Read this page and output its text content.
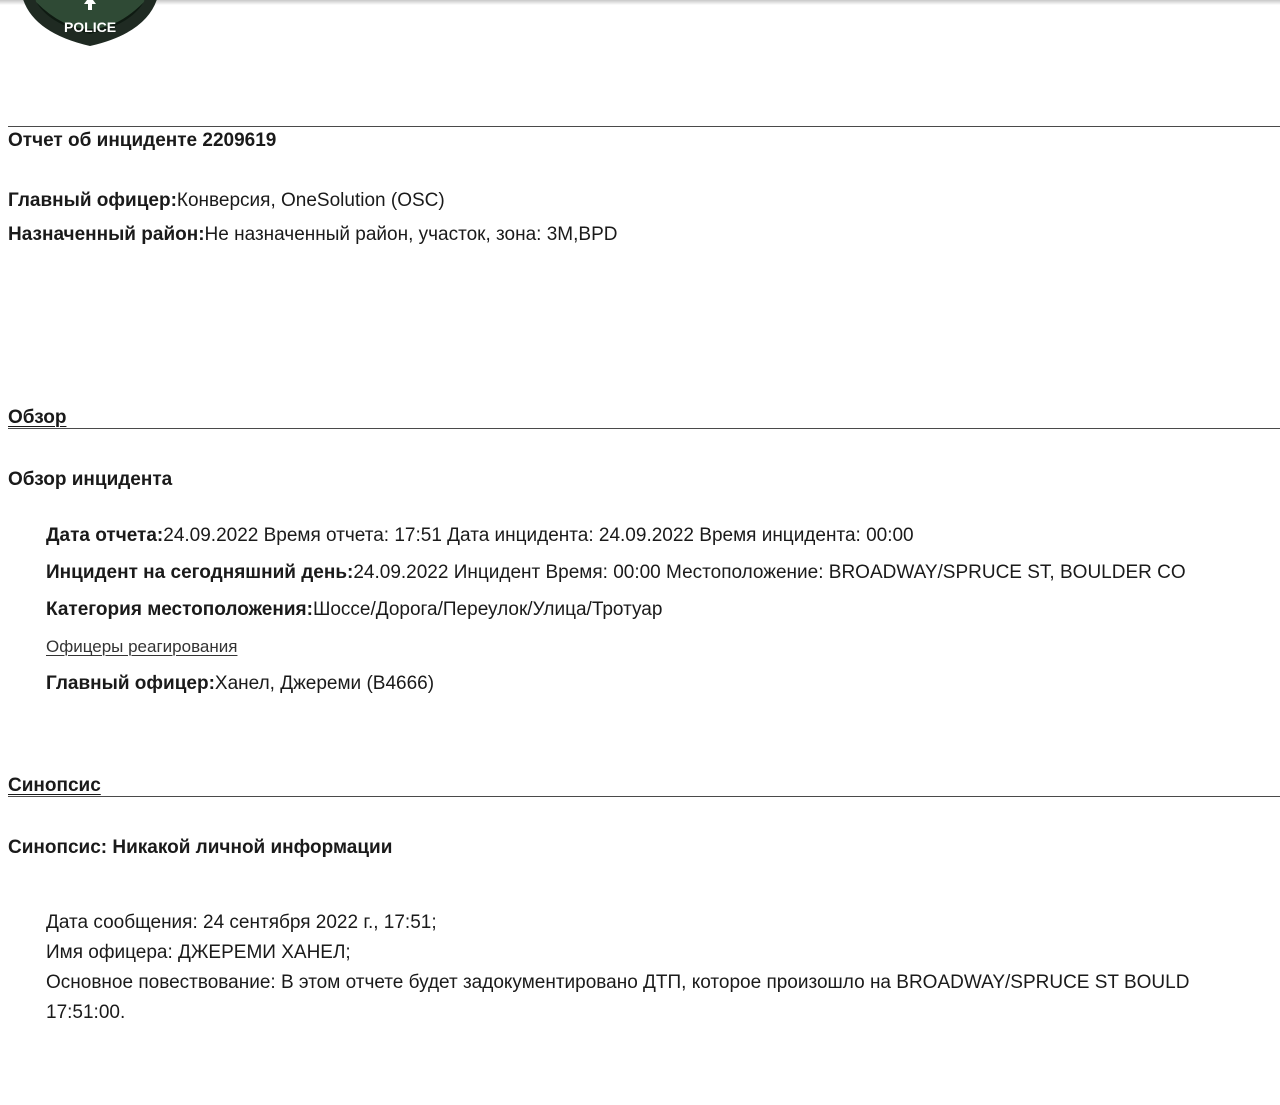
POLICE
Отчет об инциденте 2209619
Главный офицер:Конверсия, OneSolution (OSC)
Назначенный район:Не назначенный район, участок, зона: 3M,BPD
Обзор
Обзор инцидента
Дата отчета:24.09.2022 Время отчета: 17:51 Дата инцидента: 24.09.2022 Время инцидента: 00:00
Инцидент на сегодняшний день:24.09.2022 Инцидент Время: 00:00 Местоположение: BROADWAY/SPRUCE ST, BOULDER CO
Категория местоположения:Шоссе/Дорога/Переулок/Улица/Тротуар
Офицеры реагирования
Главный офицер:Ханел, Джереми (B4666)
Синопсис
Синопсис: Никакой личной информации
Дата сообщения: 24 сентября 2022 г., 17:51;
Имя офицера: ДЖЕРЕМИ ХАНЕЛ;
Основное повествование: В этом отчете будет задокументировано ДТП, которое произошло на BROADWAY/SPRUCE ST BOULD
17:51:00.
